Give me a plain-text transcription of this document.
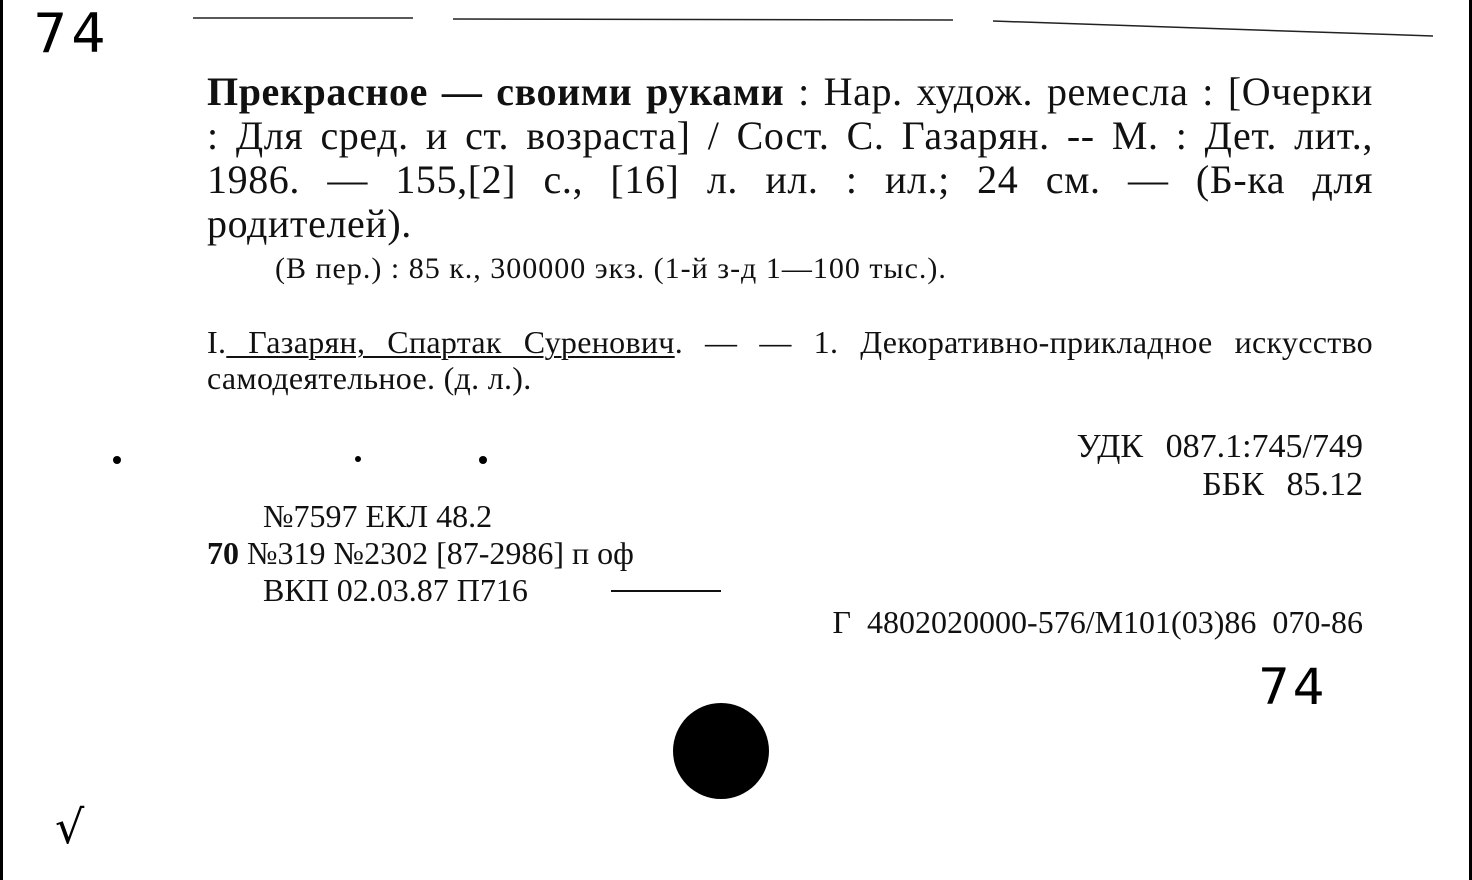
74
Прекрасное — своими руками : Нар. худож. ремесла : [Очерки : Для сред. и ст. возраста] / Сост. С. Газарян. -- М. : Дет. лит., 1986. — 155,[2] с., [16] л. ил. : ил.; 24 см. — (Б-ка для родителей).
(В пер.) : 85 к., 300000 экз. (1-й з-д 1—100 тыс.).
I. Газарян, Спартак Суренович. — — 1. Декоративно-прикладное искусство самодеятельное. (д. л.).
УДК 087.1:745/749
ББК 85.12
№7597 ЕКЛ 48.2
70 №319 №2302 [87-2986] п оф
ВКП 02.03.87 П716
Г 4802020000-576/М101(03)86 070-86
74
√
